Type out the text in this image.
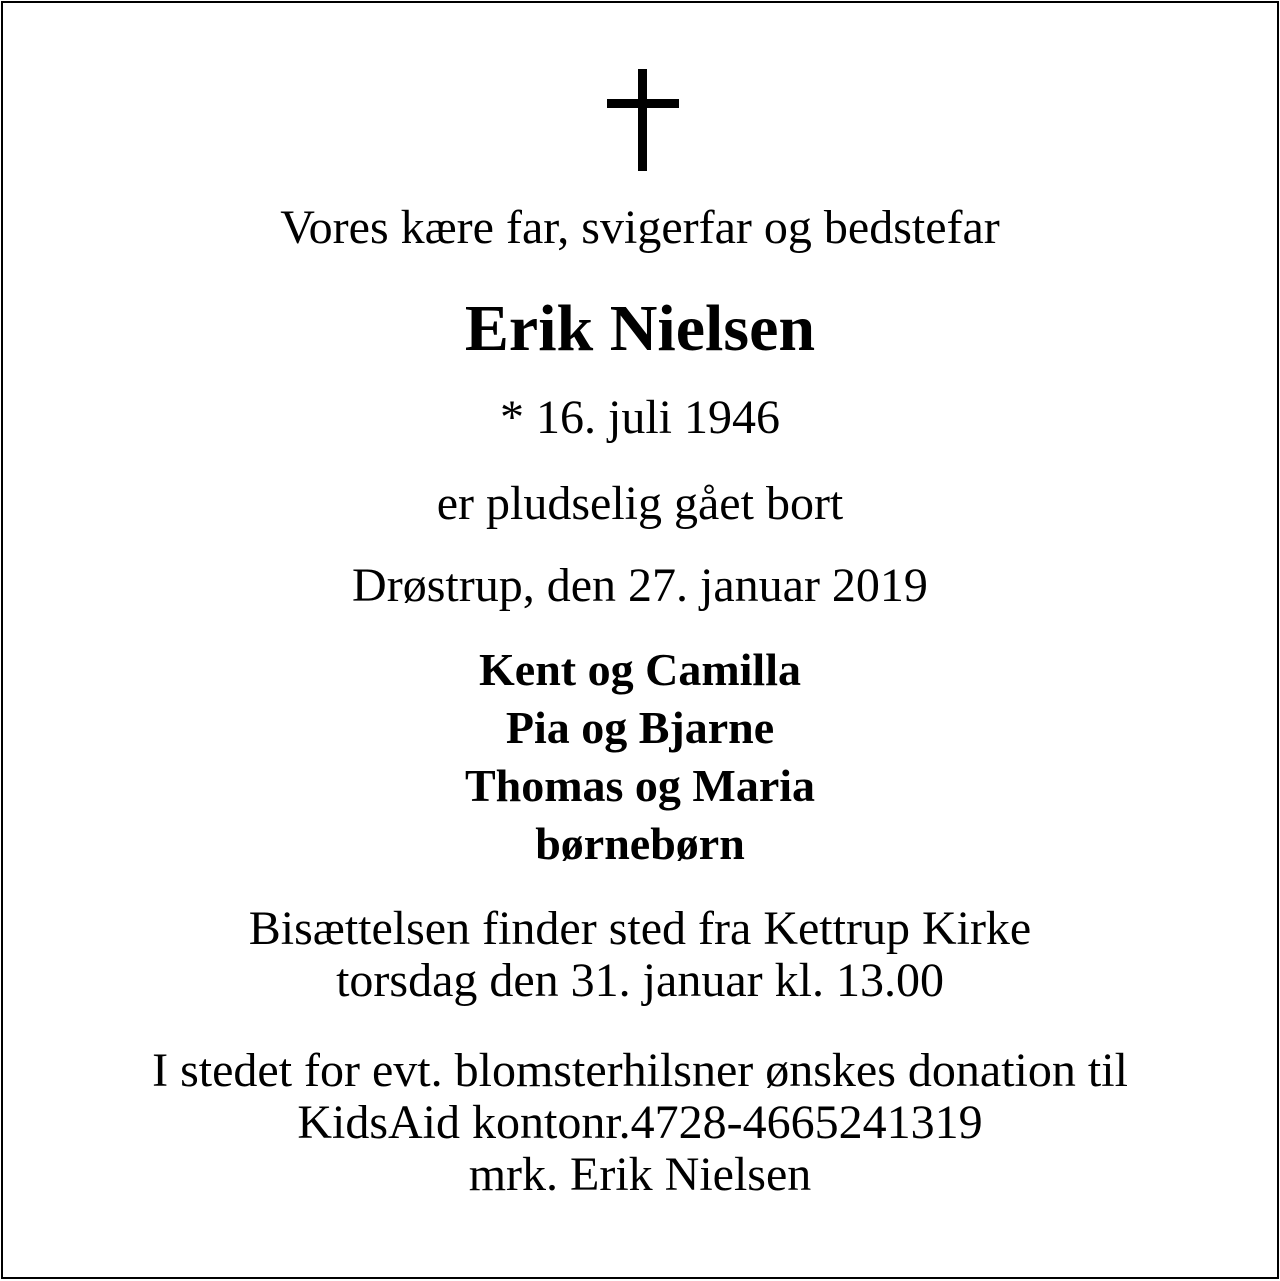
Vores kære far, svigerfar og bedstefar
Erik Nielsen
* 16. juli 1946
er pludselig gået bort
Drøstrup, den 27. januar 2019
Kent og Camilla
Pia og Bjarne
Thomas og Maria
børnebørn
Bisættelsen finder sted fra Kettrup Kirke
torsdag den 31. januar kl. 13.00
I stedet for evt. blomsterhilsner ønskes donation til
KidsAid kontonr.4728-4665241319
mrk. Erik Nielsen
